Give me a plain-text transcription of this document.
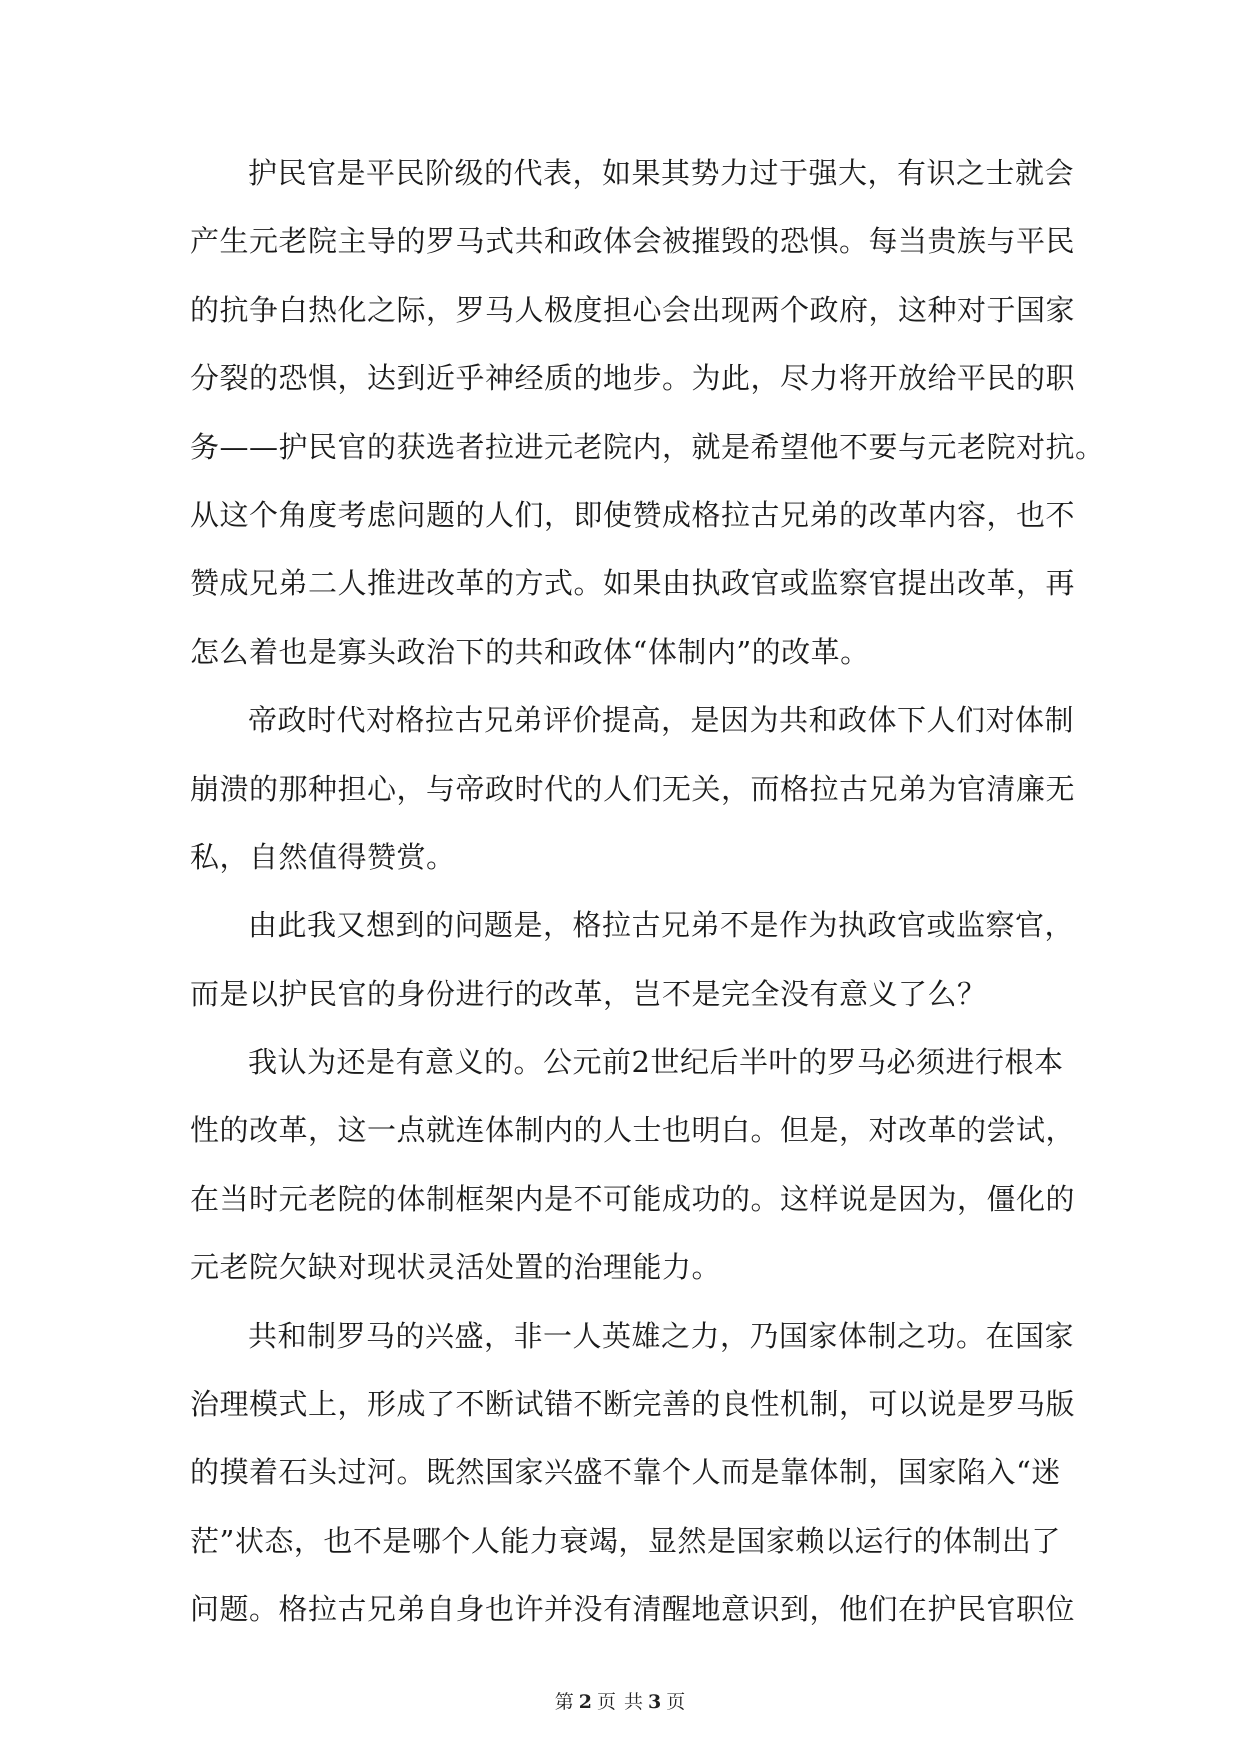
护民官是平民阶级的代表，如果其势力过于强大，有识之士就会
产生元老院主导的罗马式共和政体会被摧毁的恐惧。每当贵族与平民
的抗争白热化之际，罗马人极度担心会出现两个政府，这种对于国家
分裂的恐惧，达到近乎神经质的地步。为此，尽力将开放给平民的职
务——护民官的获选者拉进元老院内，就是希望他不要与元老院对抗。
从这个角度考虑问题的人们，即使赞成格拉古兄弟的改革内容，也不
赞成兄弟二人推进改革的方式。如果由执政官或监察官提出改革，再
怎么着也是寡头政治下的共和政体“体制内”的改革。
帝政时代对格拉古兄弟评价提高，是因为共和政体下人们对体制
崩溃的那种担心，与帝政时代的人们无关，而格拉古兄弟为官清廉无
私，自然值得赞赏。
由此我又想到的问题是，格拉古兄弟不是作为执政官或监察官，
而是以护民官的身份进行的改革，岂不是完全没有意义了么？
我认为还是有意义的。公元前2世纪后半叶的罗马必须进行根本
性的改革，这一点就连体制内的人士也明白。但是，对改革的尝试，
在当时元老院的体制框架内是不可能成功的。这样说是因为，僵化的
元老院欠缺对现状灵活处置的治理能力。
共和制罗马的兴盛，非一人英雄之力，乃国家体制之功。在国家
治理模式上，形成了不断试错不断完善的良性机制，可以说是罗马版
的摸着石头过河。既然国家兴盛不靠个人而是靠体制，国家陷入“迷
茫”状态，也不是哪个人能力衰竭，显然是国家赖以运行的体制出了
问题。格拉古兄弟自身也许并没有清醒地意识到，他们在护民官职位
第 2 页 共 3 页
